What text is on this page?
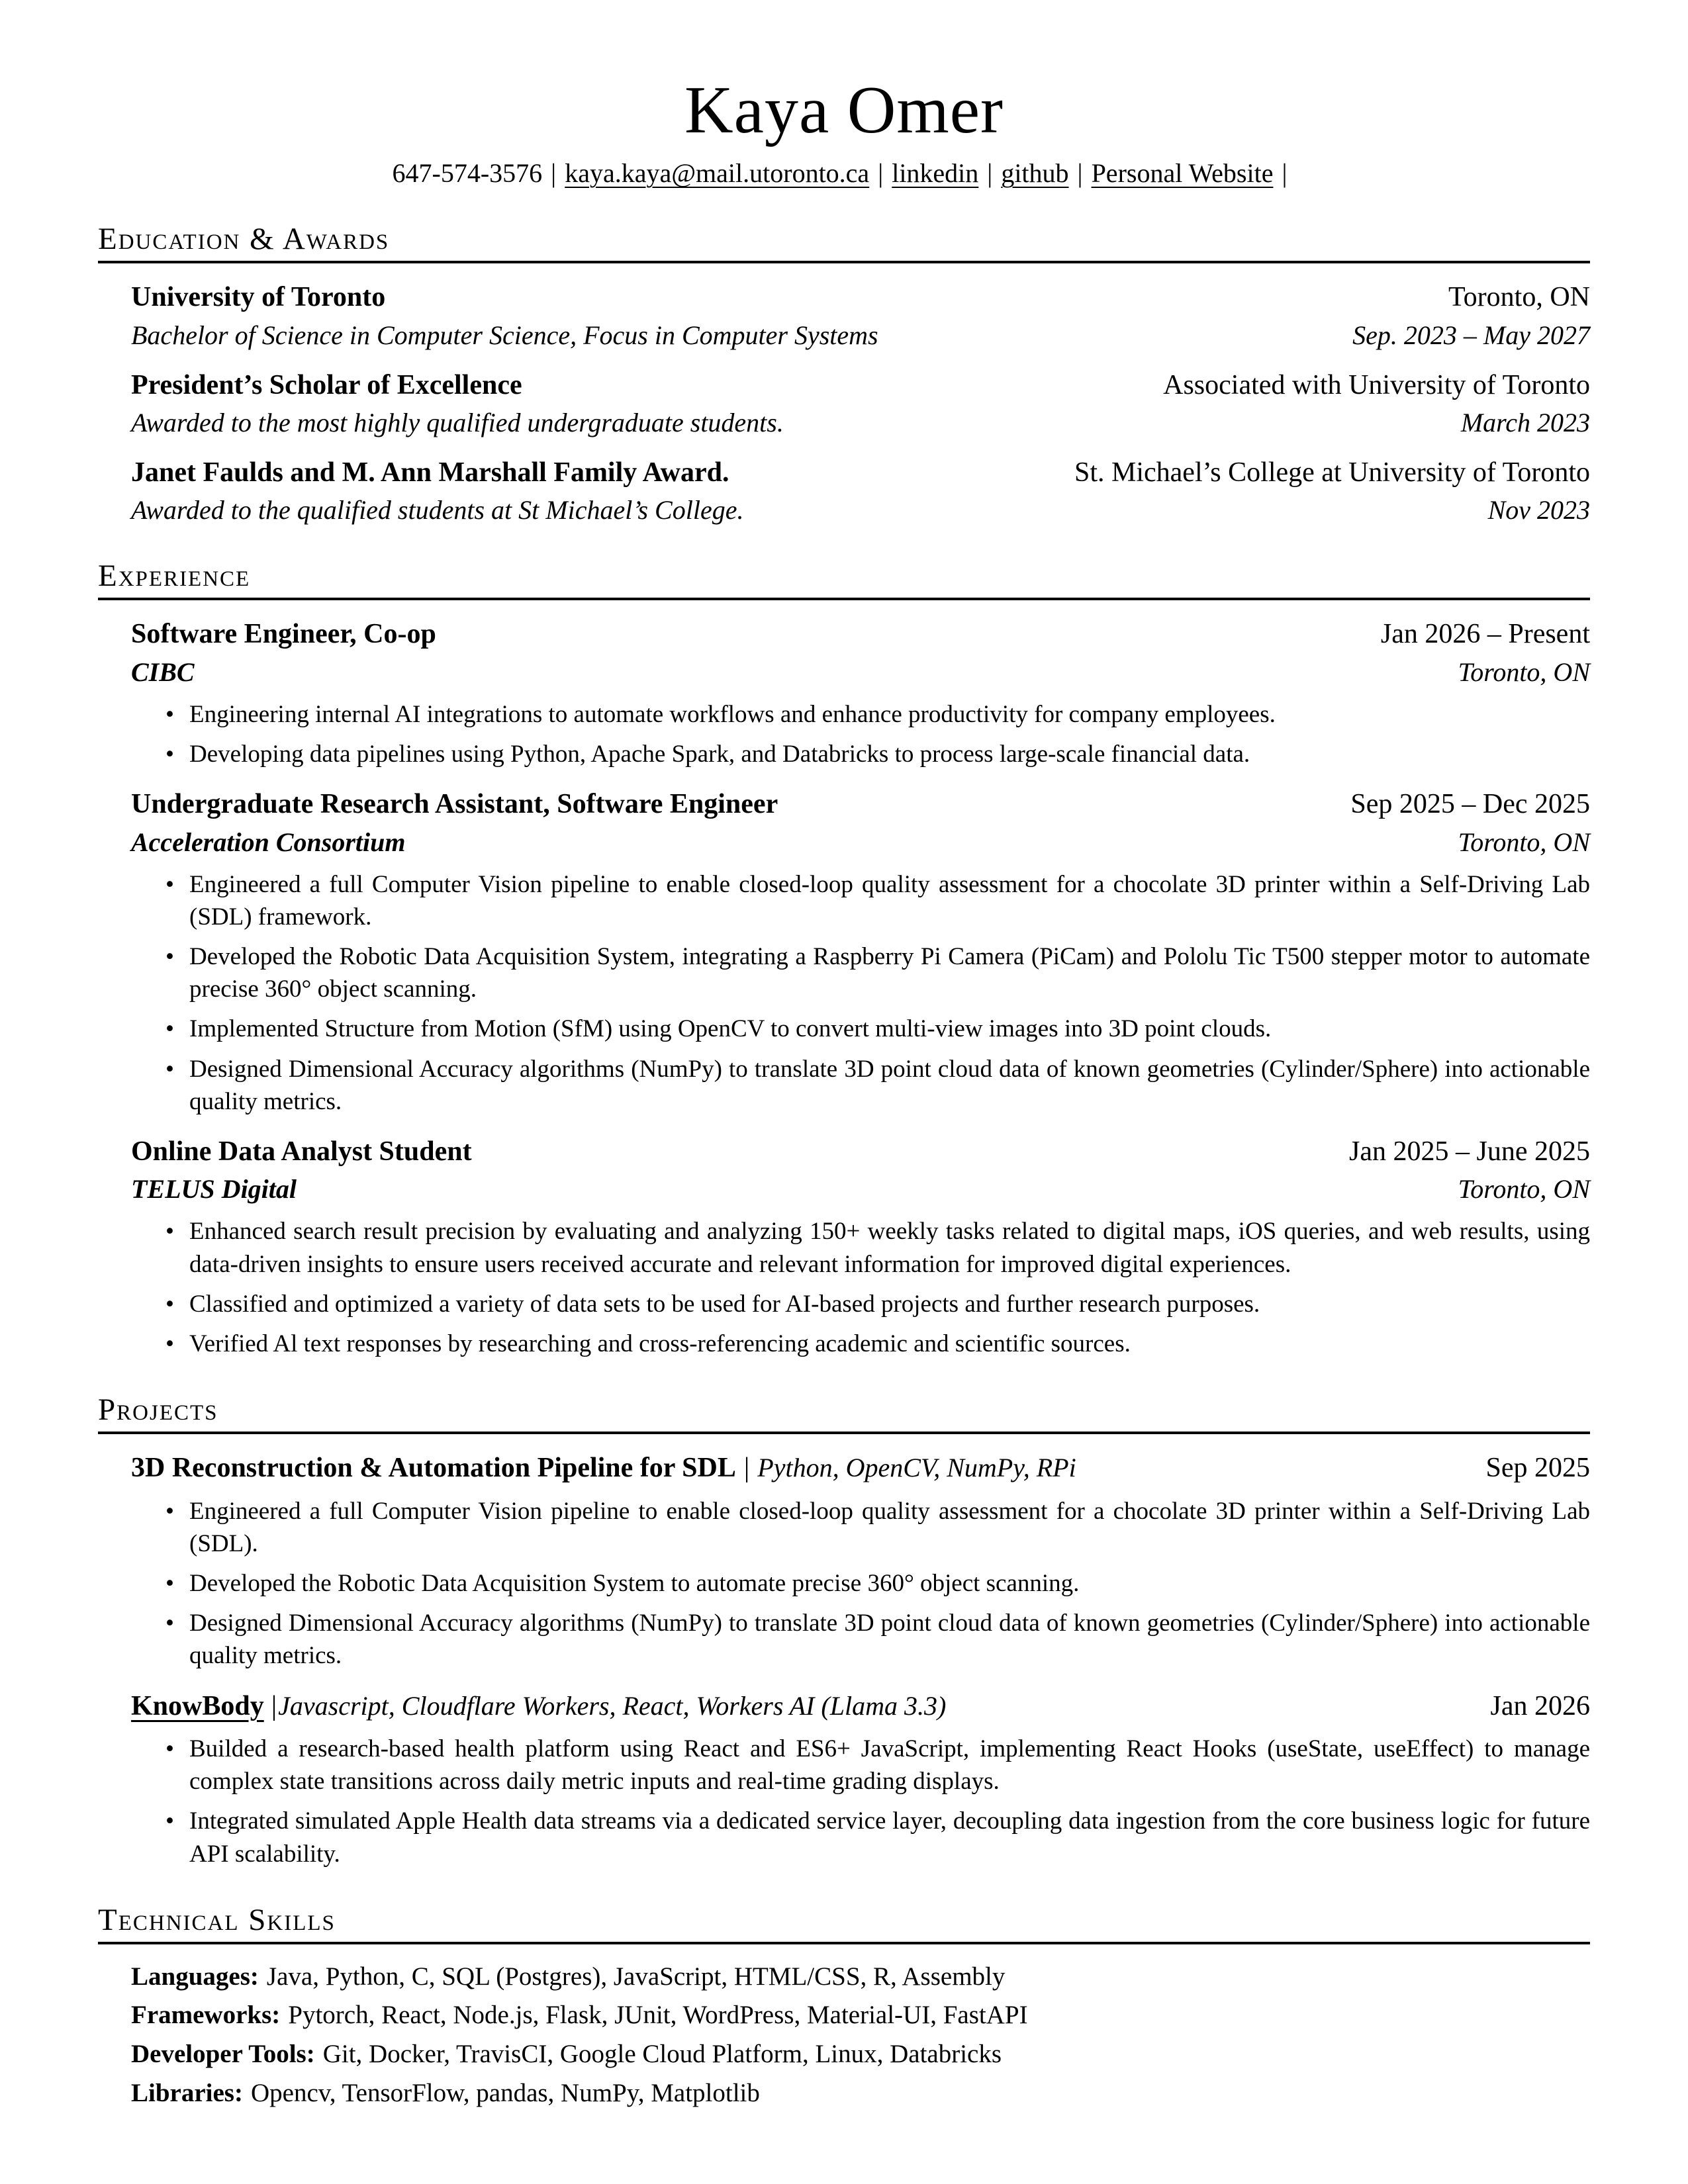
Kaya Omer
647-574-3576 | kaya.kaya@mail.utoronto.ca | linkedin | github | Personal Website |
Education & Awards
University of Toronto	Toronto, ON
Bachelor of Science in Computer Science, Focus in Computer Systems	Sep. 2023 – May 2027
President’s Scholar of Excellence	Associated with University of Toronto
Awarded to the most highly qualified undergraduate students.	March 2023
Janet Faulds and M. Ann Marshall Family Award.	St. Michael’s College at University of Toronto
Awarded to the qualified students at St Michael’s College.	Nov 2023
Experience
Software Engineer, Co-op	Jan 2026 – Present
CIBC	Toronto, ON
• Engineering internal AI integrations to automate workflows and enhance productivity for company employees.
• Developing data pipelines using Python, Apache Spark, and Databricks to process large-scale financial data.
Undergraduate Research Assistant, Software Engineer	Sep 2025 – Dec 2025
Acceleration Consortium	Toronto, ON
• Engineered a full Computer Vision pipeline to enable closed-loop quality assessment for a chocolate 3D printer within a Self-Driving Lab (SDL) framework.
• Developed the Robotic Data Acquisition System, integrating a Raspberry Pi Camera (PiCam) and Pololu Tic T500 stepper motor to automate precise 360° object scanning.
• Implemented Structure from Motion (SfM) using OpenCV to convert multi-view images into 3D point clouds.
• Designed Dimensional Accuracy algorithms (NumPy) to translate 3D point cloud data of known geometries (Cylinder/Sphere) into actionable quality metrics.
Online Data Analyst Student	Jan 2025 – June 2025
TELUS Digital	Toronto, ON
• Enhanced search result precision by evaluating and analyzing 150+ weekly tasks related to digital maps, iOS queries, and web results, using data-driven insights to ensure users received accurate and relevant information for improved digital experiences.
• Classified and optimized a variety of data sets to be used for AI-based projects and further research purposes.
• Verified Al text responses by researching and cross-referencing academic and scientific sources.
Projects
3D Reconstruction & Automation Pipeline for SDL | Python, OpenCV, NumPy, RPi	Sep 2025
• Engineered a full Computer Vision pipeline to enable closed-loop quality assessment for a chocolate 3D printer within a Self-Driving Lab (SDL).
• Developed the Robotic Data Acquisition System to automate precise 360° object scanning.
• Designed Dimensional Accuracy algorithms (NumPy) to translate 3D point cloud data of known geometries (Cylinder/Sphere) into actionable quality metrics.
KnowBody |Javascript, Cloudflare Workers, React, Workers AI (Llama 3.3)	Jan 2026
• Builded a research-based health platform using React and ES6+ JavaScript, implementing React Hooks (useState, useEffect) to manage complex state transitions across daily metric inputs and real-time grading displays.
• Integrated simulated Apple Health data streams via a dedicated service layer, decoupling data ingestion from the core business logic for future API scalability.
Technical Skills
Languages: Java, Python, C, SQL (Postgres), JavaScript, HTML/CSS, R, Assembly
Frameworks: Pytorch, React, Node.js, Flask, JUnit, WordPress, Material-UI, FastAPI
Developer Tools: Git, Docker, TravisCI, Google Cloud Platform, Linux, Databricks
Libraries: Opencv, TensorFlow, pandas, NumPy, Matplotlib
